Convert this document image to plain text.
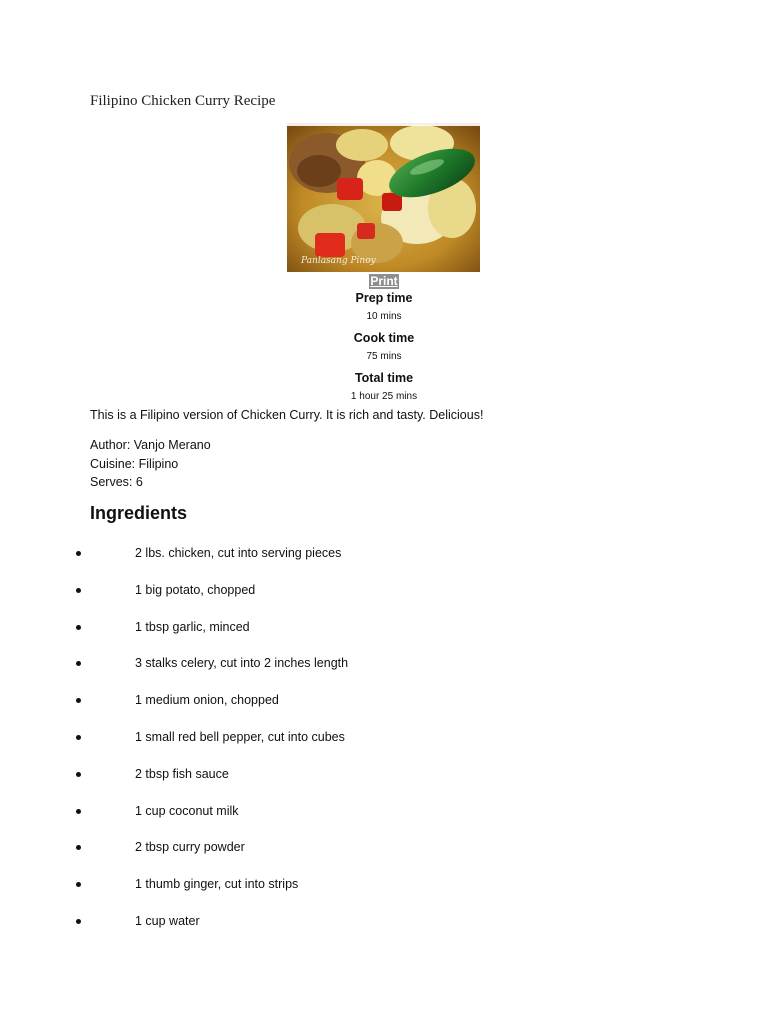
Filipino Chicken Curry Recipe
Panlasang Pinoy
Print
Prep time
10 mins
Cook time
75 mins
Total time
1 hour 25 mins
This is a Filipino version of Chicken Curry. It is rich and tasty. Delicious!
Author: Vanjo Merano
Cuisine: Filipino
Serves: 6
Ingredients
2 lbs. chicken, cut into serving pieces
1 big potato, chopped
1 tbsp garlic, minced
3 stalks celery, cut into 2 inches length
1 medium onion, chopped
1 small red bell pepper, cut into cubes
2 tbsp fish sauce
1 cup coconut milk
2 tbsp curry powder
1 thumb ginger, cut into strips
1 cup water
